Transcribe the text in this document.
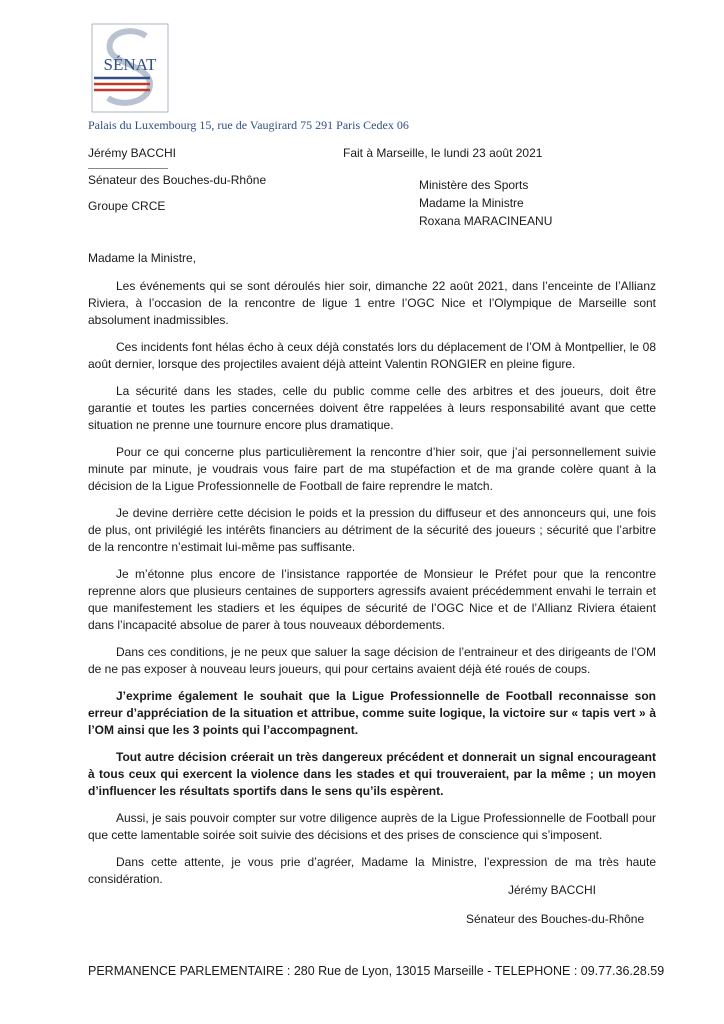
SÉNAT
Palais du Luxembourg 15, rue de Vaugirard 75 291 Paris Cedex 06
Jérémy BACCHI
Sénateur des Bouches-du-Rhône
Groupe CRCE
Fait à Marseille, le lundi 23 août 2021
Ministère des Sports
Madame la Ministre
Roxana MARACINEANU

Madame la Ministre,

Les événements qui se sont déroulés hier soir, dimanche 22 août 2021, dans l’enceinte de l’Allianz Riviera, à l’occasion de la rencontre de ligue 1 entre l’OGC Nice et l’Olympique de Marseille sont absolument inadmissibles.

Ces incidents font hélas écho à ceux déjà constatés lors du déplacement de l’OM à Montpellier, le 08 août dernier, lorsque des projectiles avaient déjà atteint Valentin RONGIER en pleine figure.

La sécurité dans les stades, celle du public comme celle des arbitres et des joueurs, doit être garantie et toutes les parties concernées doivent être rappelées à leurs responsabilité avant que cette situation ne prenne une tournure encore plus dramatique.

Pour ce qui concerne plus particulièrement la rencontre d’hier soir, que j’ai personnellement suivie minute par minute, je voudrais vous faire part de ma stupéfaction et de ma grande colère quant à la décision de la Ligue Professionnelle de Football de faire reprendre le match.

Je devine derrière cette décision le poids et la pression du diffuseur et des annonceurs qui, une fois de plus, ont privilégié les intérêts financiers au détriment de la sécurité des joueurs ; sécurité que l’arbitre de la rencontre n’estimait lui-même pas suffisante.

Je m’étonne plus encore de l’insistance rapportée de Monsieur le Préfet pour que la rencontre reprenne alors que plusieurs centaines de supporters agressifs avaient précédemment envahi le terrain et que manifestement les stadiers et les équipes de sécurité de l’OGC Nice et de l’Allianz Riviera étaient dans l’incapacité absolue de parer à tous nouveaux débordements.

Dans ces conditions, je ne peux que saluer la sage décision de l’entraineur et des dirigeants de l’OM de ne pas exposer à nouveau leurs joueurs, qui pour certains avaient déjà été roués de coups.

J’exprime également le souhait que la Ligue Professionnelle de Football reconnaisse son erreur d’appréciation de la situation et attribue, comme suite logique, la victoire sur « tapis vert » à l’OM ainsi que les 3 points qui l’accompagnent.

Tout autre décision créerait un très dangereux précédent et donnerait un signal encourageant à tous ceux qui exercent la violence dans les stades et qui trouveraient, par la même ; un moyen d’influencer les résultats sportifs dans le sens qu’ils espèrent.

Aussi, je sais pouvoir compter sur votre diligence auprès de la Ligue Professionnelle de Football pour que cette lamentable soirée soit suivie des décisions et des prises de conscience qui s’imposent.

Dans cette attente, je vous prie d’agréer, Madame la Ministre, l’expression de ma très haute considération.

Jérémy BACCHI
Sénateur des Bouches-du-Rhône
PERMANENCE PARLEMENTAIRE : 280 Rue de Lyon, 13015 Marseille - TELEPHONE : 09.77.36.28.59
